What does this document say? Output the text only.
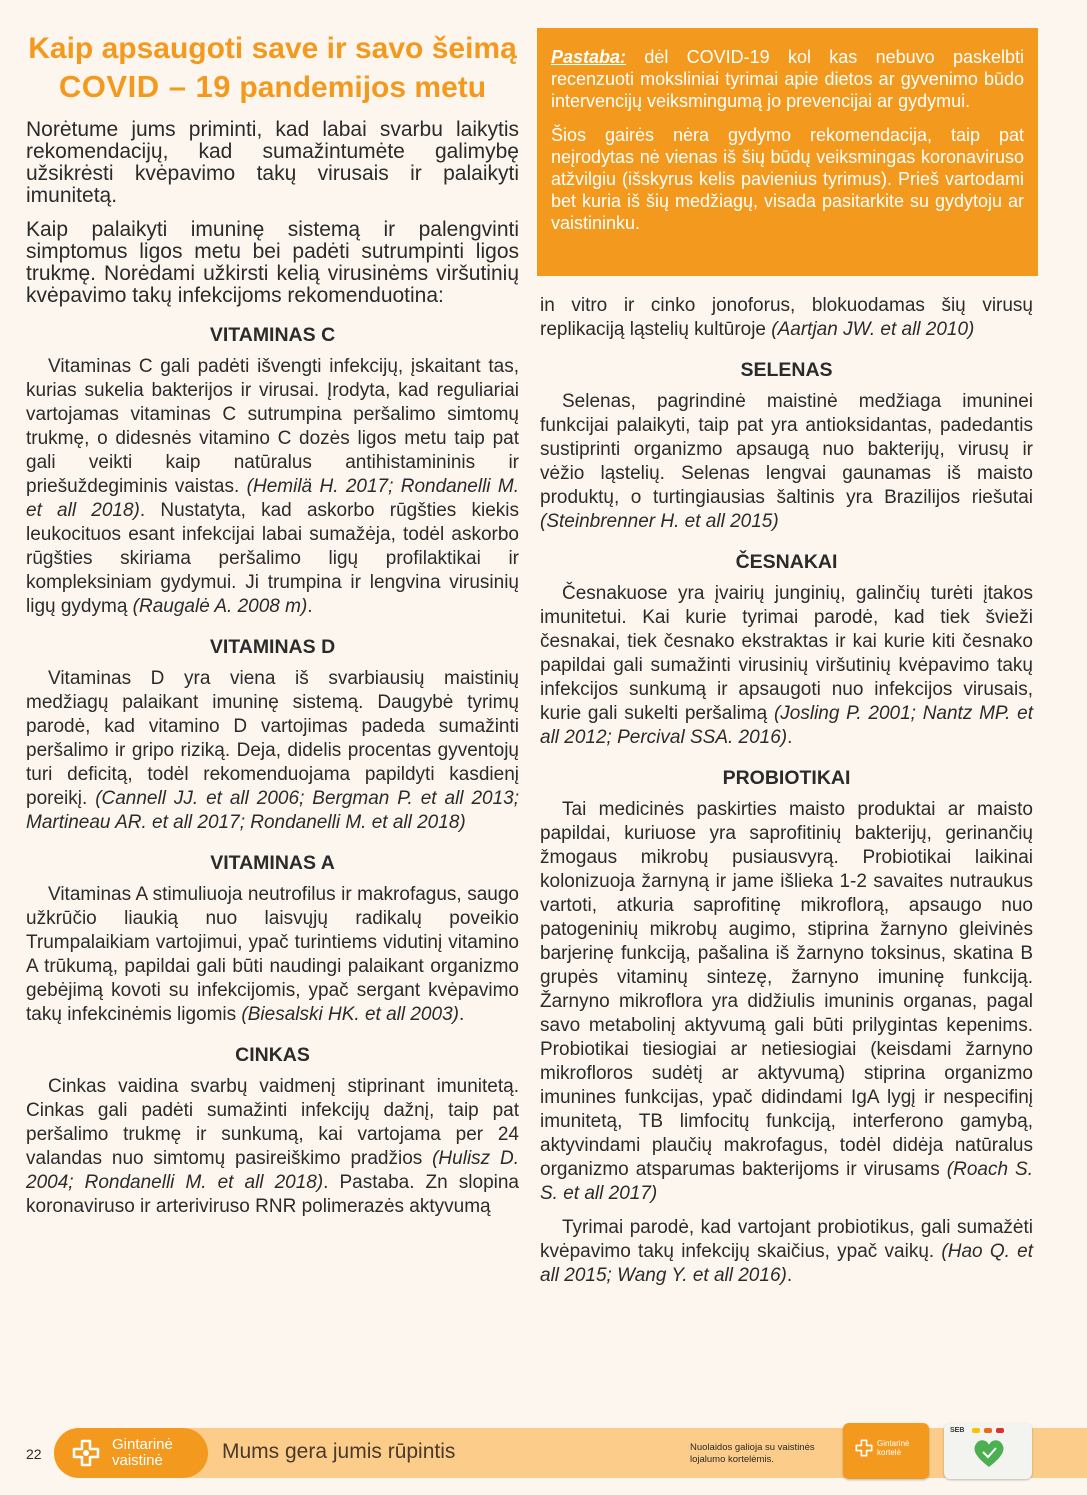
Kaip apsaugoti save ir savo šeimą
COVID – 19 pandemijos metu

Norėtume jums priminti, kad labai svarbu laikytis rekomendacijų, kad sumažintumėte galimybę užsikrėsti kvėpavimo takų virusais ir palaikyti imunitetą.

Kaip palaikyti imuninę sistemą ir palengvinti simptomus ligos metu bei padėti sutrumpinti ligos trukmę. Norėdami užkirsti kelią virusinėms viršutinių kvėpavimo takų infekcijoms rekomenduotina:

VITAMINAS C

Vitaminas C gali padėti išvengti infekcijų, įskaitant tas, kurias sukelia bakterijos ir virusai. Įrodyta, kad reguliariai vartojamas vitaminas C sutrumpina peršalimo simtomų trukmę, o didesnės vitamino C dozės ligos metu taip pat gali veikti kaip natūralus antihistamininis ir priešuždegiminis vaistas. (Hemilä H. 2017; Rondanelli M. et all 2018). Nustatyta, kad askorbo rūgšties kiekis leukocituos esant infekcijai labai sumažėja, todėl askorbo rūgšties skiriama peršalimo ligų profilaktikai ir kompleksiniam gydymui. Ji trumpina ir lengvina virusinių ligų gydymą (Raugalė A. 2008 m).

VITAMINAS D

Vitaminas D yra viena iš svarbiausių maistinių medžiagų palaikant imuninę sistemą. Daugybė tyrimų parodė, kad vitamino D vartojimas padeda sumažinti peršalimo ir gripo riziką. Deja, didelis procentas gyventojų turi deficitą, todėl rekomenduojama papildyti kasdienį poreikį. (Cannell JJ. et all 2006; Bergman P. et all 2013; Martineau AR. et all 2017; Rondanelli M. et all 2018)

VITAMINAS A

Vitaminas A stimuliuoja neutrofilus ir makrofagus, saugo užkrūčio liaukią nuo laisvųjų radikalų poveikio Trumpalaikiam vartojimui, ypač turintiems vidutinį vitamino A trūkumą, papildai gali būti naudingi palaikant organizmo gebėjimą kovoti su infekcijomis, ypač sergant kvėpavimo takų infekcinėmis ligomis (Biesalski HK. et all 2003).

CINKAS

Cinkas vaidina svarbų vaidmenį stiprinant imunitetą. Cinkas gali padėti sumažinti infekcijų dažnį, taip pat peršalimo trukmę ir sunkumą, kai vartojama per 24 valandas nuo simtomų pasireiškimo pradžios (Hulisz D. 2004; Rondanelli M. et all 2018). Pastaba. Zn slopina koronaviruso ir arteriviruso RNR polimerazės aktyvumą

Pastaba: dėl COVID-19 kol kas nebuvo paskelbti recenzuoti moksliniai tyrimai apie dietos ar gyvenimo būdo intervencijų veiksmingumą jo prevencijai ar gydymui.

Šios gairės nėra gydymo rekomendacija, taip pat neįrodytas nė vienas iš šių būdų veiksmingas koronaviruso atžvilgiu (išskyrus kelis pavienius tyrimus). Prieš vartodami bet kuria iš šių medžiagų, visada pasitarkite su gydytoju ar vaistininku.

in vitro ir cinko jonoforus, blokuodamas šių virusų replikaciją ląstelių kultūroje (Aartjan JW. et all 2010)

SELENAS

Selenas, pagrindinė maistinė medžiaga imuninei funkcijai palaikyti, taip pat yra antioksidantas, padedantis sustiprinti organizmo apsaugą nuo bakterijų, virusų ir vėžio ląstelių. Selenas lengvai gaunamas iš maisto produktų, o turtingiausias šaltinis yra Brazilijos riešutai (Steinbrenner H. et all 2015)

ČESNAKAI

Česnakuose yra įvairių junginių, galinčių turėti įtakos imunitetui. Kai kurie tyrimai parodė, kad tiek švieži česnakai, tiek česnako ekstraktas ir kai kurie kiti česnako papildai gali sumažinti virusinių viršutinių kvėpavimo takų infekcijos sunkumą ir apsaugoti nuo infekcijos virusais, kurie gali sukelti peršalimą (Josling P. 2001; Nantz MP. et all 2012; Percival SSA. 2016).

PROBIOTIKAI

Tai medicinės paskirties maisto produktai ar maisto papildai, kuriuose yra saprofitinių bakterijų, gerinančių žmogaus mikrobų pusiausvyrą. Probiotikai laikinai kolonizuoja žarnyną ir jame išlieka 1-2 savaites nutraukus vartoti, atkuria saprofitinę mikroflorą, apsaugo nuo patogeninių mikrobų augimo, stiprina žarnyno gleivinės barjerinę funkciją, pašalina iš žarnyno toksinus, skatina B grupės vitaminų sintezę, žarnyno imuninę funkciją. Žarnyno mikroflora yra didžiulis imuninis organas, pagal savo metabolinį aktyvumą gali būti prilygintas kepenims. Probiotikai tiesiogiai ar netiesiogiai (keisdami žarnyno mikrofloros sudėtį ar aktyvumą) stiprina organizmo imunines funkcijas, ypač didindami IgA lygį ir nespecifinį imunitetą, TB limfocitų funkciją, interferono gamybą, aktyvindami plaučių makrofagus, todėl didėja natūralus organizmo atsparumas bakterijoms ir virusams (Roach S. S. et all 2017)

Tyrimai parodė, kad vartojant probiotikus, gali sumažėti kvėpavimo takų infekcijų skaičius, ypač vaikų. (Hao Q. et all 2015; Wang Y. et all 2016).

22
Gintarinė
vaistinė	Mums gera jumis rūpintis	Nuolaidos galioja su vaistinės
lojalumo kortelėmis.
Gintarinė
kortelė
SEB
